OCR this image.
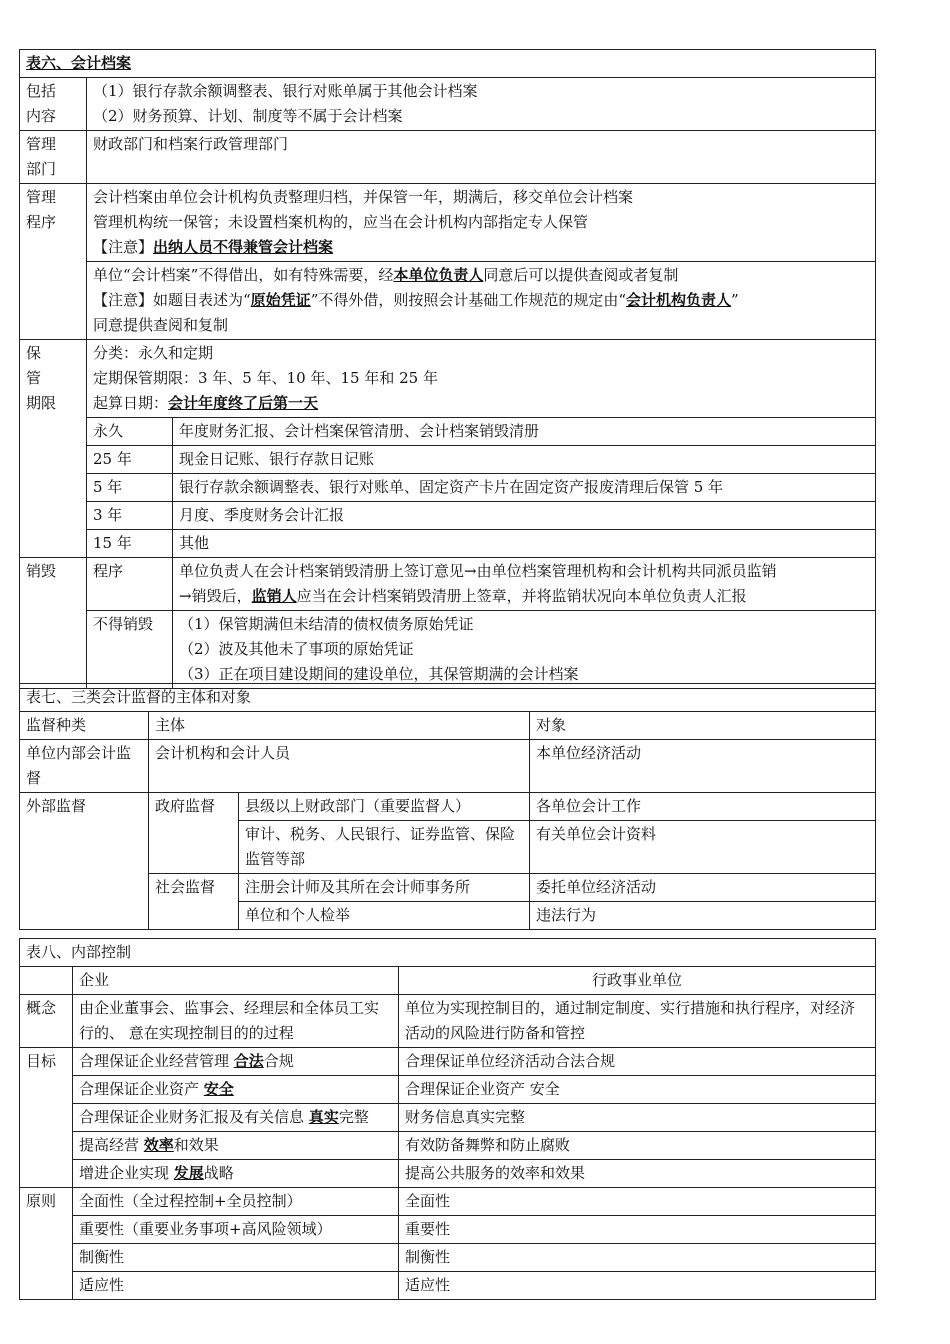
表六、会计档案		

包括
内容	（1）银行存款余额调整表、银行对账单属于其他会计档案
（2）财务预算、计划、制度等不属于会计档案	

管理
部门	财政部门和档案行政管理部门	

管理
程序	会计档案由单位会计机构负责整理归档，并保管一年，期满后，移交单位会计档案
管理机构统一保管；未设置档案机构的，应当在会计机构内部指定专人保管
【注意】出纳人员不得兼管会计档案	

	单位“会计档案”不得借出，如有特殊需要，经本单位负责人同意后可以提供查阅或者复制
【注意】如题目表述为“原始凭证”不得外借，则按照会计基础工作规范的规定由“会计机构负责人”
同意提供查阅和复制	

保管
期限	分类：永久和定期
定期保管期限：3 年、5 年、10 年、15 年和 25 年
起算日期：会计年度终了后第一天	

	永久	年度财务汇报、会计档案保管清册、会计档案销毁清册
	25 年	现金日记账、银行存款日记账
	5 年	银行存款余额调整表、银行对账单、固定资产卡片在固定资产报废清理后保管 5 年
	3 年	月度、季度财务会计汇报
	15 年	其他
销毁	程序	单位负责人在会计档案销毁清册上签订意见→由单位档案管理机构和会计机构共同派员监销
→销毁后，监销人应当在会计档案销毁清册上签章，并将监销状况向本单位负责人汇报

	不得销毁	（1）保管期满但未结清的债权债务原始凭证
（2）波及其他未了事项的原始凭证
（3）正在项目建设期间的建设单位，其保管期满的会计档案
表七、三类会计监督的主体和对象			
监督种类	主体		对象
单位内部会计监督	会计机构和会计人员		本单位经济活动
外部监督	政府监督	县级以上财政部门（重要监督人）	各单位会计工作
		审计、税务、人民银行、证券监管、保险监管等部	有关单位会计资料
	社会监督	注册会计师及其所在会计师事务所	委托单位经济活动
		单位和个人检举	违法行为
表八、内部控制		
	企业	行政事业单位
概念	由企业董事会、监事会、经理层和全体员工实行的、 意在实现控制目的的过程	单位为实现控制目的，通过制定制度、实行措施和执行程序，对经济活动的风险进行防备和管控
目标	合理保证企业经营管理 合法合规	合理保证单位经济活动合法合规
	合理保证企业资产 安全	合理保证企业资产 安全
	合理保证企业财务汇报及有关信息 真实完整	财务信息真实完整
	提高经营 效率和效果	有效防备舞弊和防止腐败
	增进企业实现 发展战略	提高公共服务的效率和效果
原则	全面性（全过程控制+全员控制）	全面性
	重要性（重要业务事项+高风险领域）	重要性
	制衡性	制衡性
	适应性	适应性
